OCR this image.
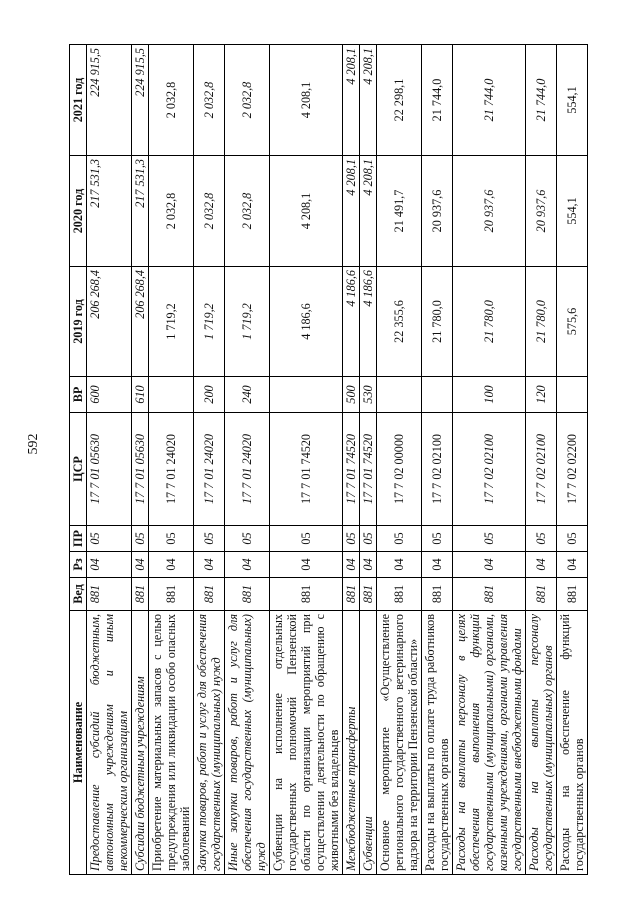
592
Наименование	Вед	Рз	ПР	ЦСР	ВР	2019 год	2020 год	2021 год
Предоставление субсидий бюджетным, автономным учреждениям и иным некоммерческим организациям	881	04	05	17 7 01 05630	600	206 268,4	217 531,3	224 915,5
Субсидии бюджетным учреждениям	881	04	05	17 7 01 05630	610	206 268,4	217 531,3	224 915,5
Приобретение материальных запасов с целью предупреждения или ликвидации особо опасных заболеваний	881	04	05	17 7 01 24020		1 719,2	2 032,8	2 032,8
Закупка товаров, работ и услуг для обеспечения государственных (муниципальных) нужд	881	04	05	17 7 01 24020	200	1 719,2	2 032,8	2 032,8
Иные закупки товаров, работ и услуг для обеспечения государственных (муниципальных) нужд	881	04	05	17 7 01 24020	240	1 719,2	2 032,8	2 032,8
Субвенции на исполнение отдельных государственных полномочий Пензенской области по организации мероприятий при осуществлении деятельности по обращению с животными без владельцев	881	04	05	17 7 01 74520		4 186,6	4 208,1	4 208,1
Межбюджетные трансферты	881	04	05	17 7 01 74520	500	4 186,6	4 208,1	4 208,1
Субвенции	881	04	05	17 7 01 74520	530	4 186,6	4 208,1	4 208,1
Основное мероприятие «Осуществление регионального государственного ветеринарного надзора на территории Пензенской области»	881	04	05	17 7 02 00000		22 355,6	21 491,7	22 298,1
Расходы на выплаты по оплате труда работников государственных органов	881	04	05	17 7 02 02100		21 780,0	20 937,6	21 744,0
Расходы на выплаты персоналу в целях обеспечения выполнения функций государственными (муниципальными) органами, казенными учреждениями, органами управления государственными внебюджетными фондами	881	04	05	17 7 02 02100	100	21 780,0	20 937,6	21 744,0
Расходы на выплаты персоналу государственных (муниципальных) органов	881	04	05	17 7 02 02100	120	21 780,0	20 937,6	21 744,0
Расходы на обеспечение функций государственных органов	881	04	05	17 7 02 02200		575,6	554,1	554,1
